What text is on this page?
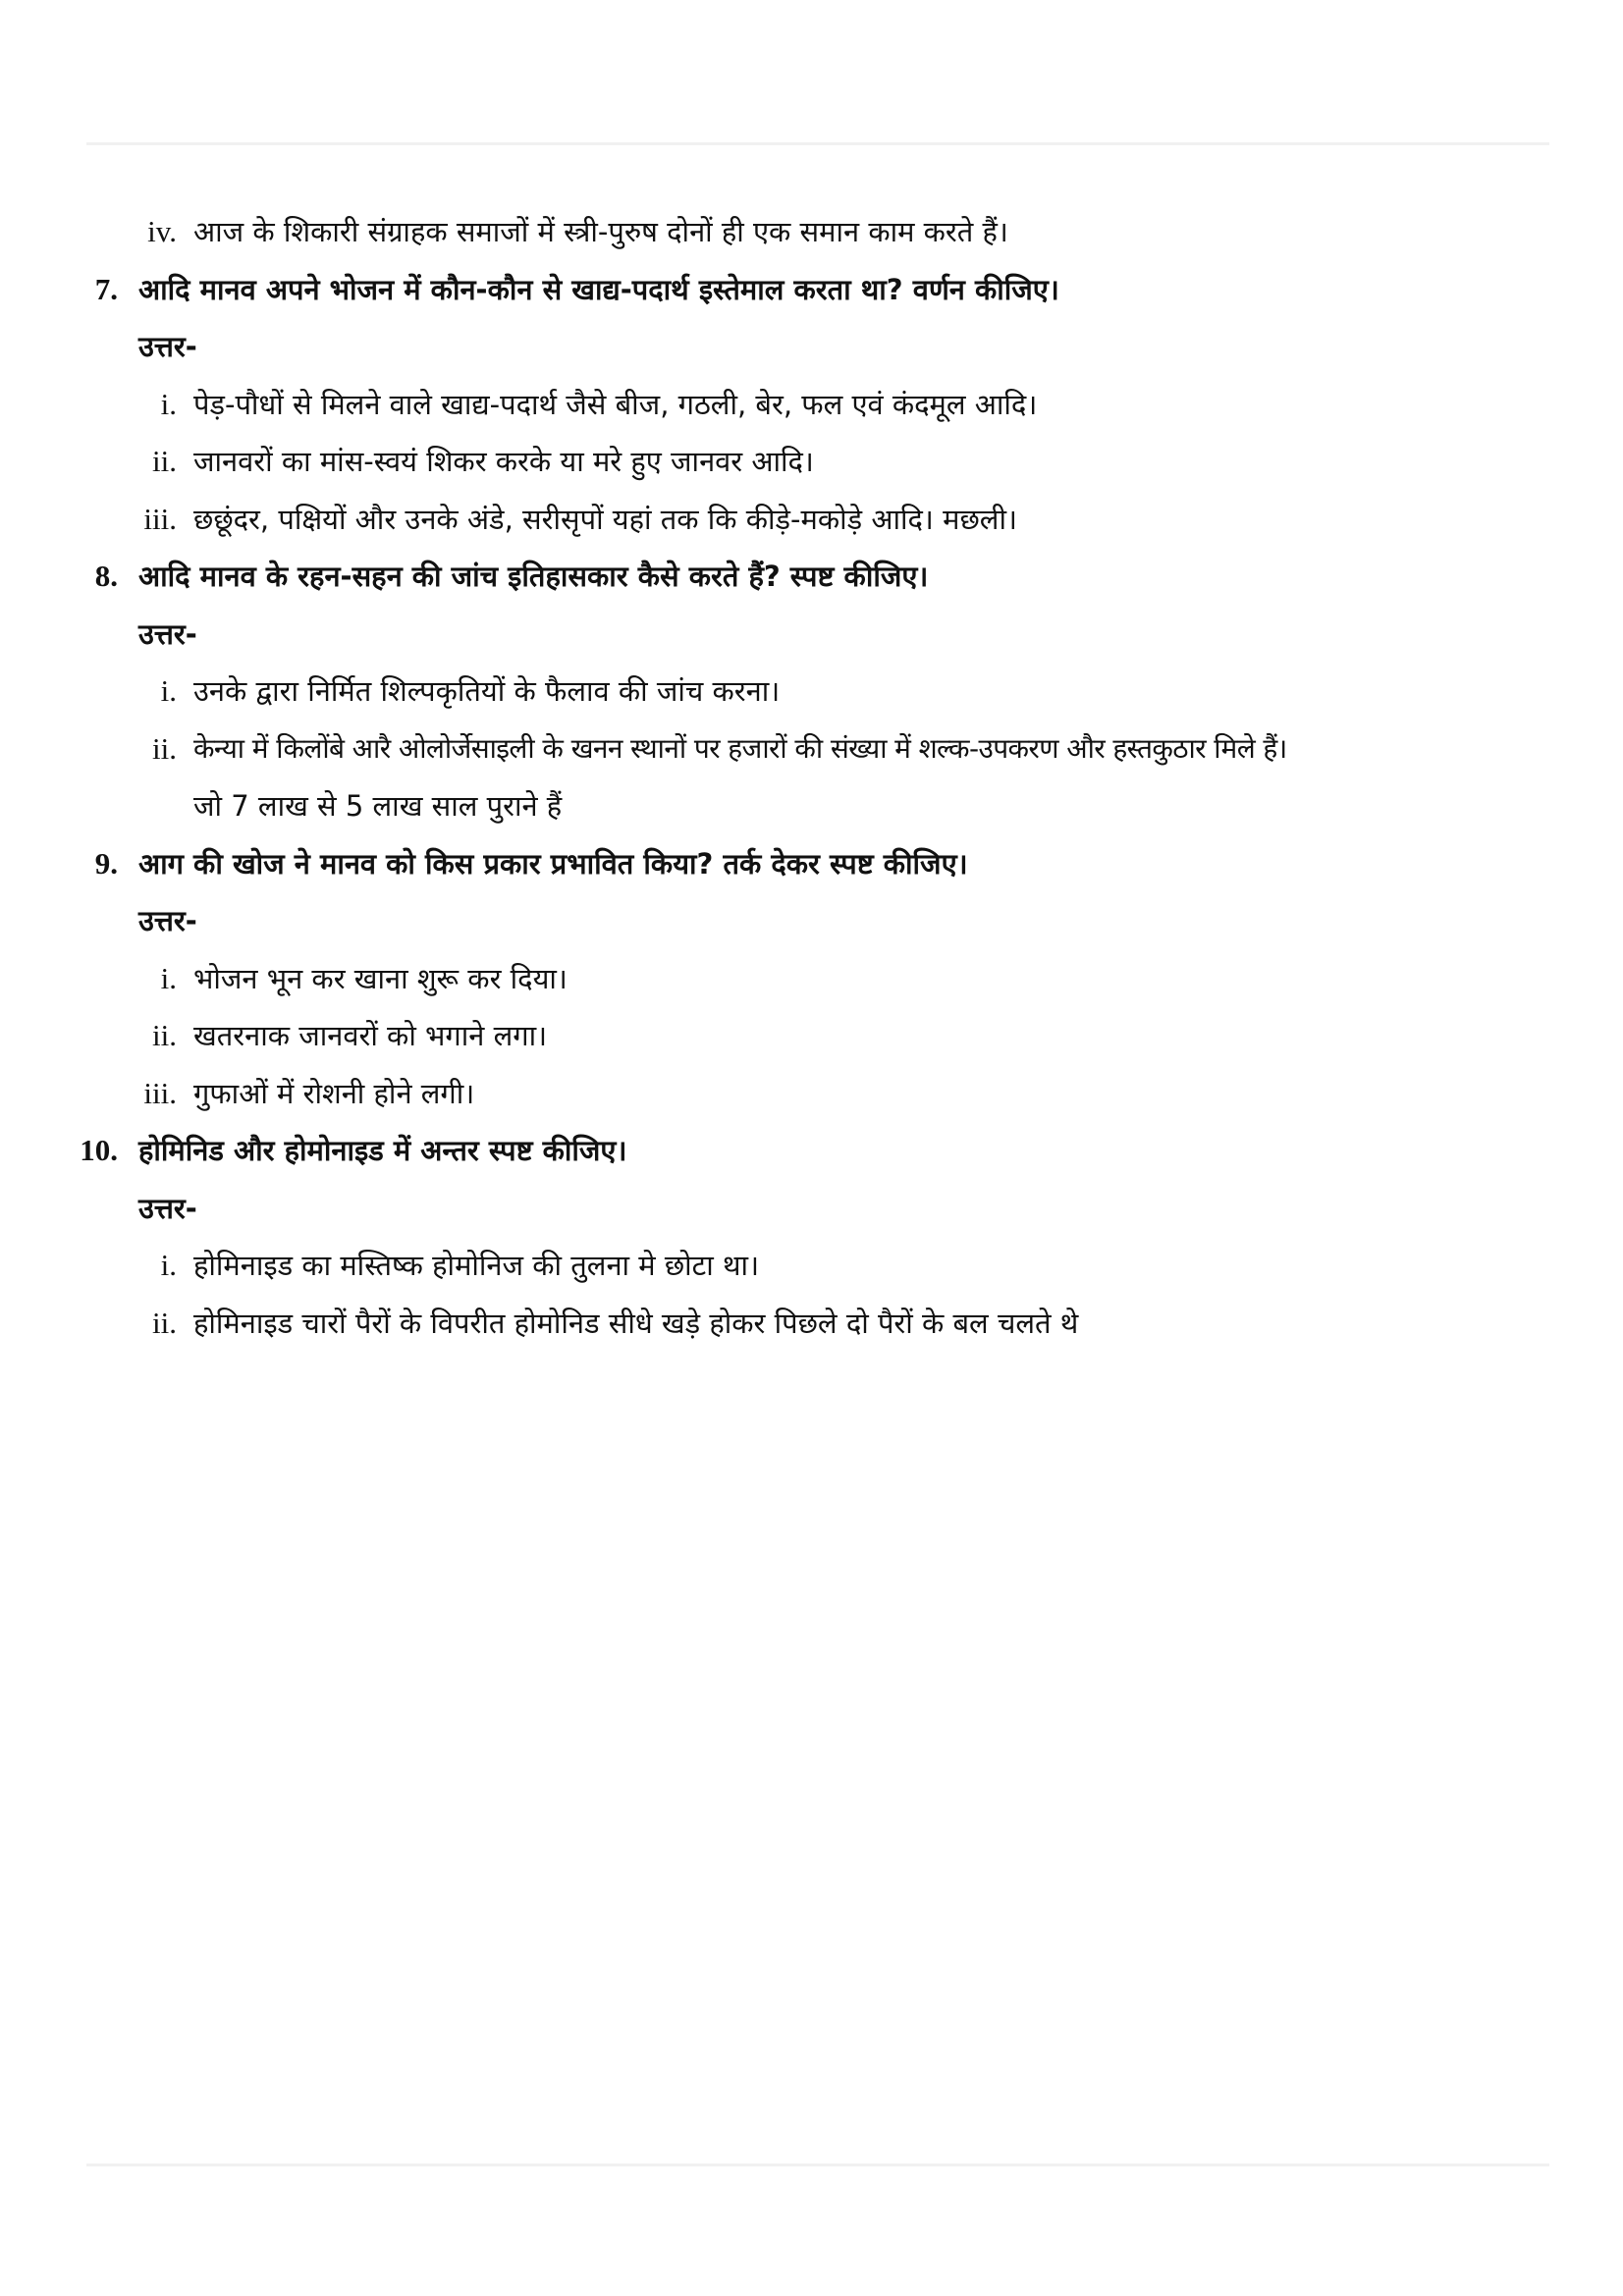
iv. आज के शिकारी संग्राहक समाजों में स्त्री-पुरुष दोनों ही एक समान काम करते हैं।
7. आदि मानव अपने भोजन में कौन-कौन से खाद्य-पदार्थ इस्तेमाल करता था? वर्णन कीजिए।
उत्तर-
i. पेड़-पौधों से मिलने वाले खाद्य-पदार्थ जैसे बीज, गठली, बेर, फल एवं कंदमूल आदि।
ii. जानवरों का मांस-स्वयं शिकर करके या मरे हुए जानवर आदि।
iii. छछूंदर, पक्षियों और उनके अंडे, सरीसृपों यहां तक कि कीड़े-मकोड़े आदि। मछली।
8. आदि मानव के रहन-सहन की जांच इतिहासकार कैसे करते हैं? स्पष्ट कीजिए।
उत्तर-
i. उनके द्वारा निर्मित शिल्पकृतियों के फैलाव की जांच करना।
ii. केन्या में किलोंबे आरै ओलोर्जेसाइली के खनन स्थानों पर हजारों की संख्या में शल्क-उपकरण और हस्तकुठार मिले हैं।
जो 7 लाख से 5 लाख साल पुराने हैं
9. आग की खोज ने मानव को किस प्रकार प्रभावित किया? तर्क देकर स्पष्ट कीजिए।
उत्तर-
i. भोजन भून कर खाना शुरू कर दिया।
ii. खतरनाक जानवरों को भगाने लगा।
iii. गुफाओं में रोशनी होने लगी।
10. होमिनिड और होमोनाइड में अन्तर स्पष्ट कीजिए।
उत्तर-
i. होमिनाइड का मस्तिष्क होमोनिज की तुलना मे छोटा था।
ii. होमिनाइड चारों पैरों के विपरीत होमोनिड सीधे खड़े होकर पिछले दो पैरों के बल चलते थे
